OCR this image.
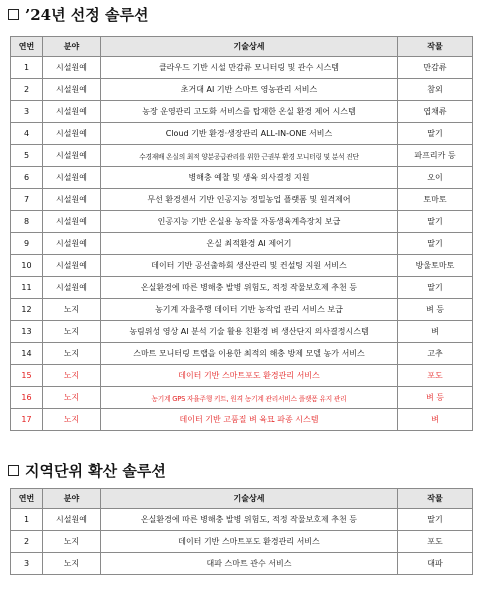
’24년 선정 솔루션
연번	분야	기술상세	작물
1	시설원예	클라우드 기반 시설 만감류 모니터링 및 관수 시스템	만감류
2	시설원예	초거대 AI 기반 스마트 영농관리 서비스	참외
3	시설원예	농장 운영관리 고도화 서비스를 탑재한 온실 환경 제어 시스템	엽채류
4	시설원예	Cloud 기반 환경·생장관리 ALL-IN-ONE 서비스	딸기
5	시설원예	수경재배 온실의 최적 양분공급관리를 위한 근권부 환경 모니터링 및 분석 진단	파프리카 등
6	시설원예	병해충 예찰 및 생육 의사결정 지원	오이
7	시설원예	무선 환경센서 기반 인공지능 정밀농업 플랫폼 및 원격제어	토마토
8	시설원예	인공지능 기반 온실용 농작물 자동생육계측장치 보급	딸기
9	시설원예	온실 최적환경 AI 제어기	딸기
10	시설원예	데이터 기반 공선출하회 생산관리 및 컨설팅 지원 서비스	방울토마토
11	시설원예	온실환경에 따른 병해충 발병 위험도, 적정 작물보호제 추천 등	딸기
12	노지	농기계 자율주행 데이터 기반 농작업 관리 서비스 보급	벼 등
13	노지	농림위성 영상 AI 분석 기술 활용 친환경 벼 생산단지 의사결정시스템	벼
14	노지	스마트 모니터링 트랩을 이용한 최적의 해충 방제 모델 농가 서비스	고추
15	노지	데이터 기반 스마트포도 환경관리 서비스	포도
16	노지	농기계 GPS 자율주행 키트, 원격 농기계 관리서비스 플랫폼 유지 관리	벼 등
17	노지	데이터 기반 고품질 벼 육묘 파종 시스템	벼
지역단위 확산 솔루션
연번	분야	기술상세	작물
1	시설원예	온실환경에 따른 병해충 발병 위험도, 적정 작물보호제 추천 등	딸기
2	노지	데이터 기반 스마트포도 환경관리 서비스	포도
3	노지	대파 스마트 관수 서비스	대파
